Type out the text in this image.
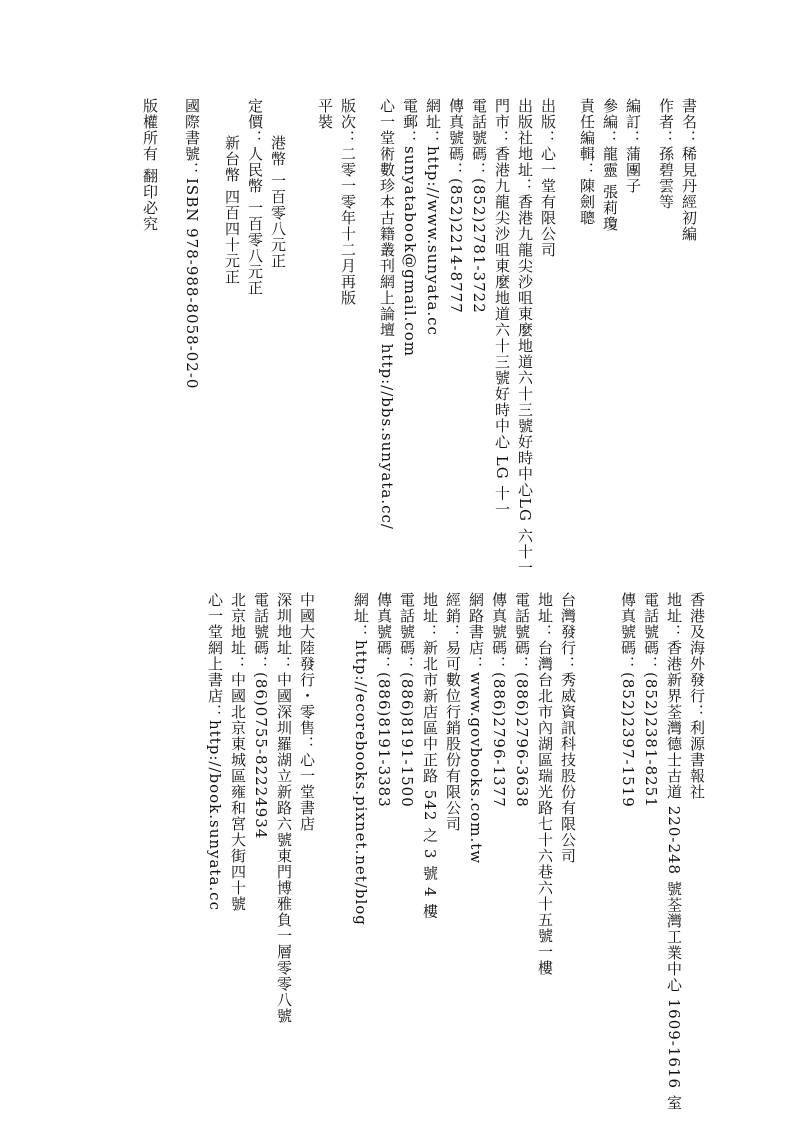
書名：稀見丹經初編
作者：孫碧雲等
編訂：蒲團子
參編：龍靈 張莉瓊
責任編輯：陳劍聰
出版：心一堂有限公司
出版社地址：香港九龍尖沙咀東麼地道六十三號好時中心LG 六十一
門市：香港九龍尖沙咀東麼地道六十三號好時中心 LG 十一
電話號碼：(852)2781-3722
傳真號碼：(852)2214-8777
網址：http://www.sunyata.cc
電郵：sunyatabook@gmail.com
心一堂術數珍本古籍叢刊網上論壇 http://bbs.sunyata.cc/
版次：二零一零年十二月再版
平裝
港幣 一百零八元正
定價：人民幣 一百零八元正
新台幣 四百四十元正
國際書號：ISBN 978-988-8058-02-0
版權所有 翻印必究
香港及海外發行：利源書報社
地址：香港新界荃灣德士古道 220-248 號荃灣工業中心 1609-1616 室
電話號碼：(852)2381-8251
傳真號碼：(852)2397-1519
台灣發行：秀威資訊科技股份有限公司
地址：台灣台北市內湖區瑞光路七十六巷六十五號一樓
電話號碼：(886)2796-3638
傳真號碼：(886)2796-1377
網路書店：www.govbooks.com.tw
經銷：易可數位行銷股份有限公司
地址：新北市新店區中正路 542 之 3 號 4 樓
電話號碼：(886)8191-1500
傳真號碼：(886)8191-3383
網址：http://ecorebooks.pixnet.net/blog
中國大陸發行・零售：心一堂書店
深圳地址：中國深圳羅湖立新路六號東門博雅負一層零零八號
電話號碼：(86)0755-82224934
北京地址：中國北京東城區雍和宮大街四十號
心一堂網上書店：http://book.sunyata.cc
